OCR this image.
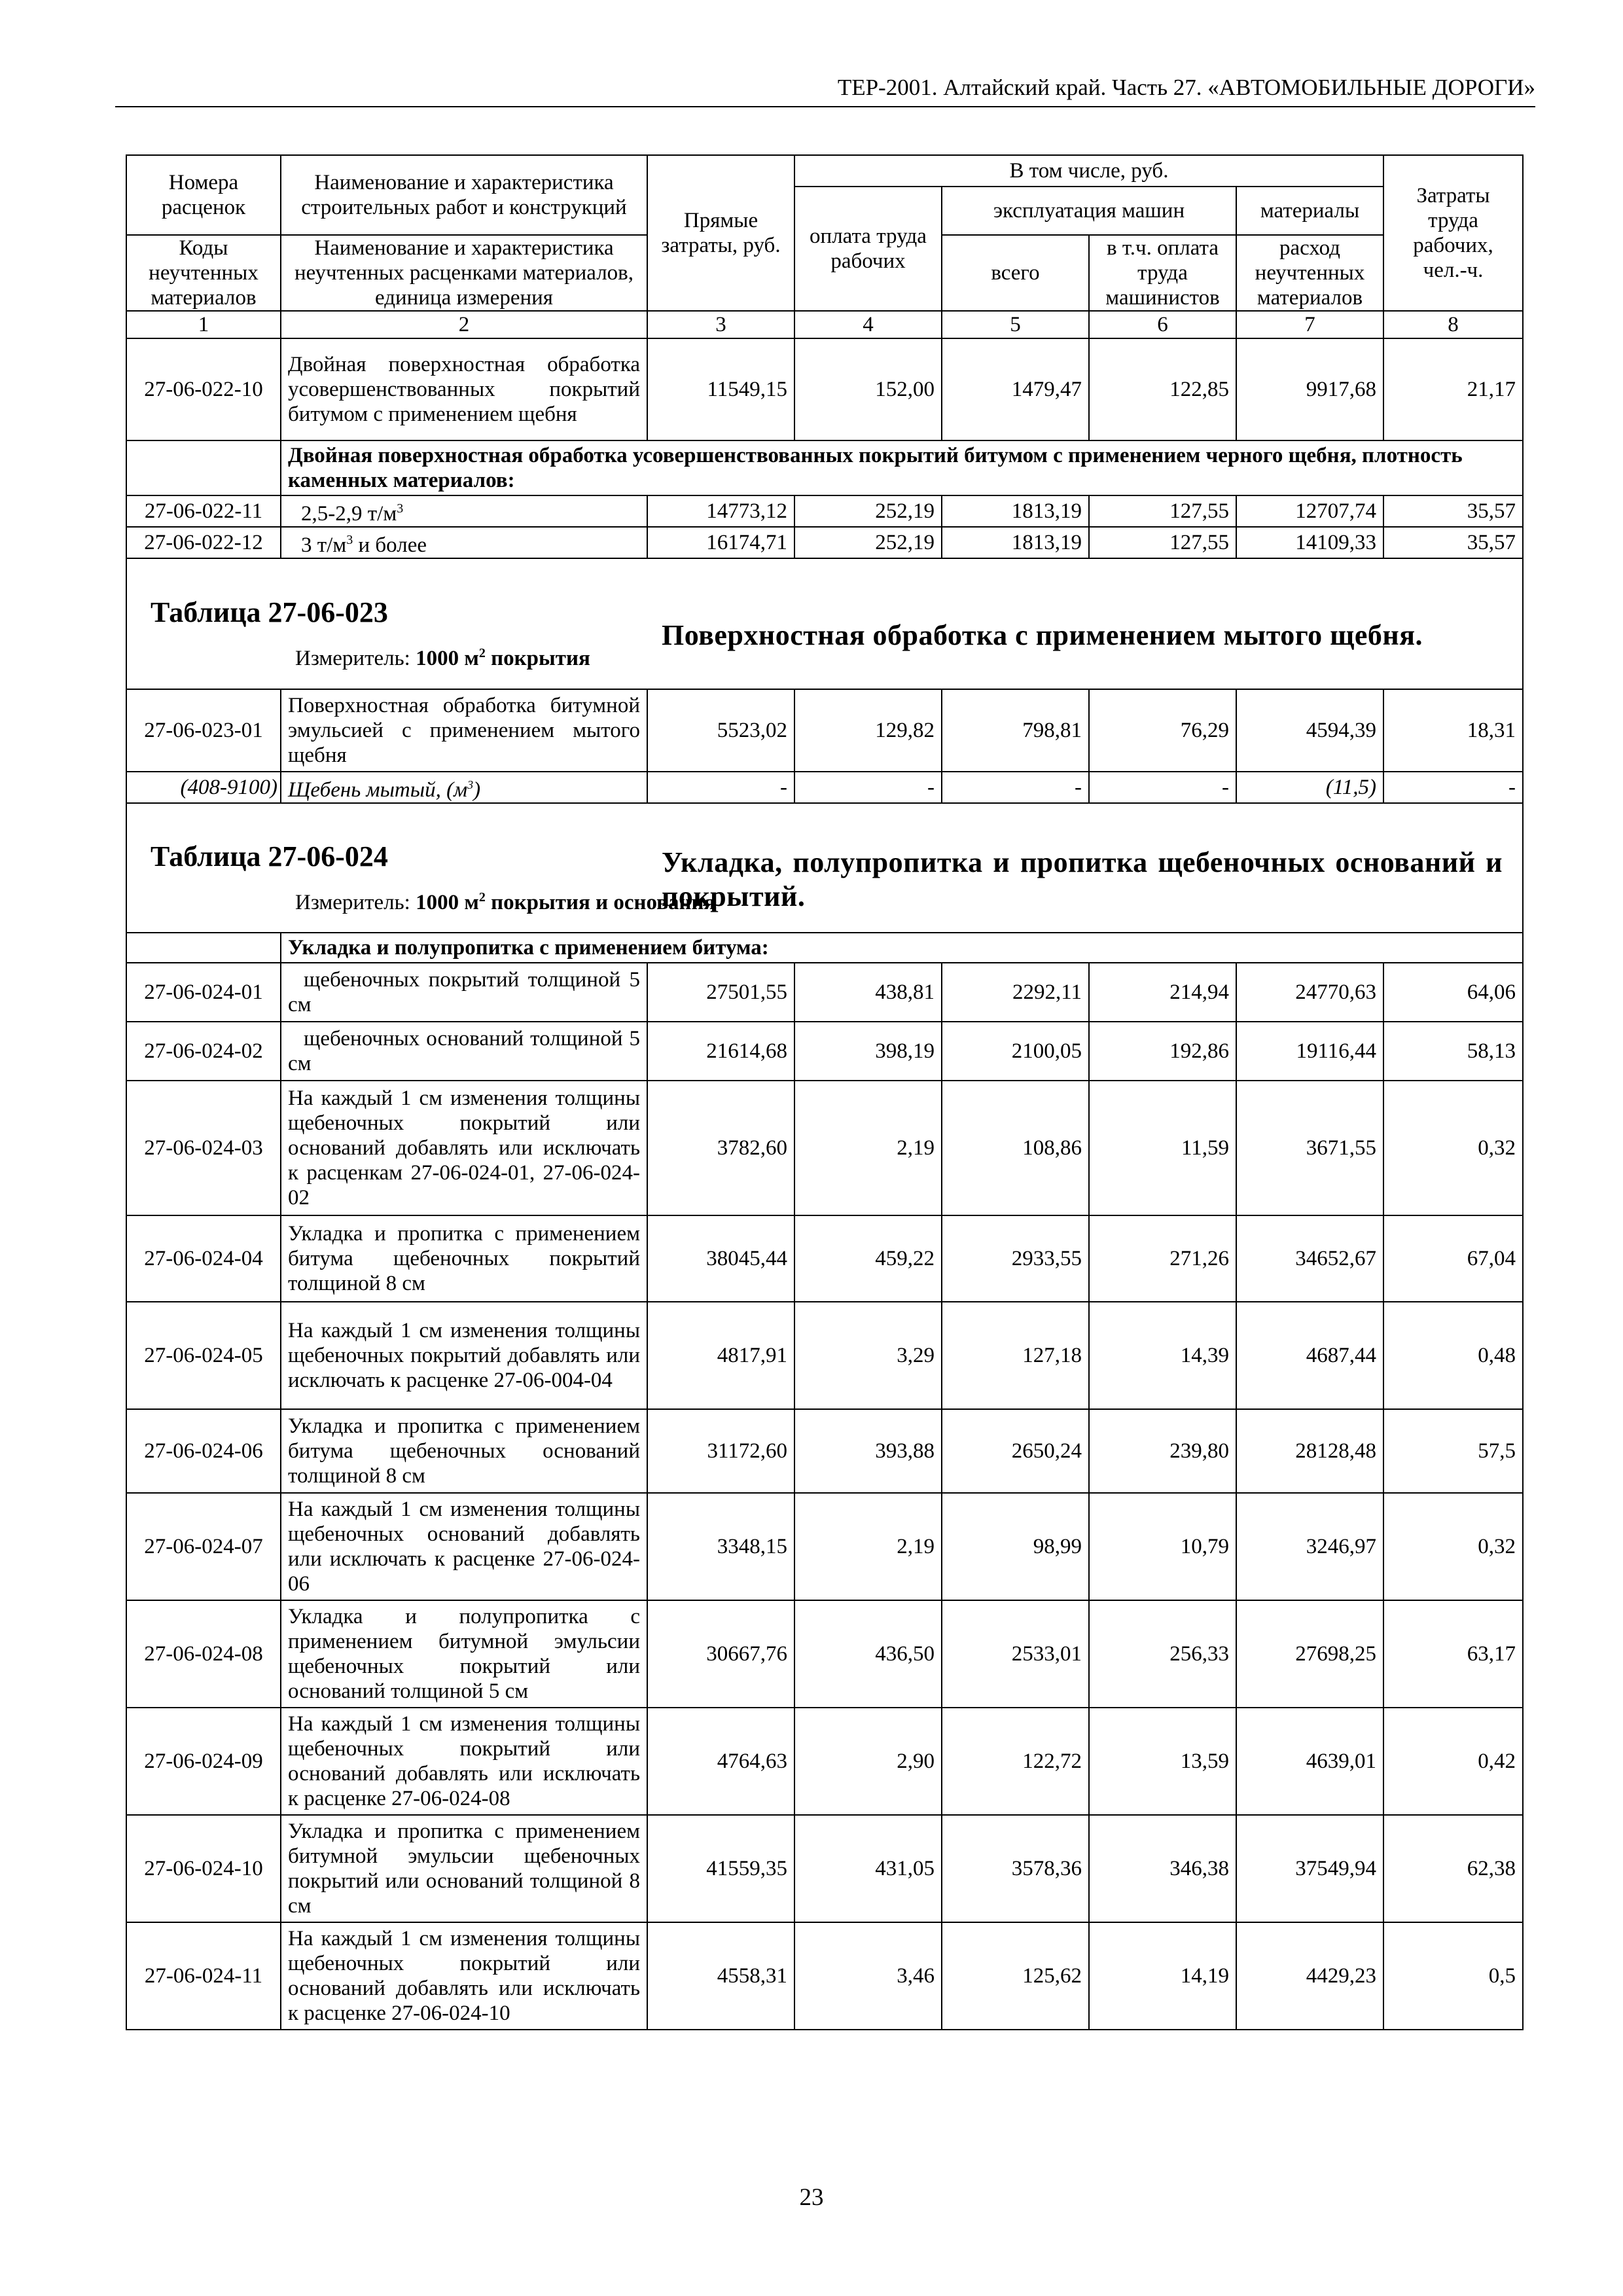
ТЕР-2001. Алтайский край. Часть 27. «АВТОМОБИЛЬНЫЕ ДОРОГИ»
Номера расценок	Наименование и характеристика строительных работ и конструкций	Прямые затраты, руб.	В том числе, руб.				Затраты труда рабочих, чел.-ч.
			оплата труда рабочих	эксплуатация машин		материалы	
Коды неучтенных материалов	Наименование и характеристика неучтенных расценками материалов, единица измерения			всего	в т.ч. оплата труда машинистов	расход неучтенных материалов	
1	2	3	4	5	6	7	8
27-06-022-10	Двойная поверхностная обработка усовершенствованных покрытий битумом с применением щебня	11549,15	152,00	1479,47	122,85	9917,68	21,17
	Двойная поверхностная обработка усовершенствованных покрытий битумом с применением черного щебня, плотность каменных материалов:						
27-06-022-11	2,5-2,9 $т/м^3$	14773,12	252,19	1813,19	127,55	12707,74	35,57
27-06-022-12	3 $т/м^3$ и более	16174,71	252,19	1813,19	127,55	14109,33	35,57

Таблица 27-06-023
Измеритель: 1000 $м^2$ покрытия		Поверхностная обработка с применением мытого щебня.					

27-06-023-01	Поверхностная обработка битумной эмульсией с применением мытого щебня	5523,02	129,82	798,81	76,29	4594,39	18,31
(408-9100)	Щебень мытый, $(м^3)$	-	-	-	-	(11,5)	-

Таблица 27-06-024
Измеритель: 1000 $м^2$ покрытия и основания		Укладка, полупропитка и пропитка щебеночных оснований и покрытий.					

	Укладка и полупропитка с применением битума:						
27-06-024-01	щебеночных покрытий толщиной 5 см	27501,55	438,81	2292,11	214,94	24770,63	64,06
27-06-024-02	щебеночных оснований толщиной 5 см	21614,68	398,19	2100,05	192,86	19116,44	58,13
27-06-024-03	На каждый 1 см изменения толщины щебеночных покрытий или оснований добавлять или исключать к расценкам 27-06-024-01, 27-06-024-02	3782,60	2,19	108,86	11,59	3671,55	0,32
27-06-024-04	Укладка и пропитка с применением битума щебеночных покрытий толщиной 8 см	38045,44	459,22	2933,55	271,26	34652,67	67,04
27-06-024-05	На каждый 1 см изменения толщины щебеночных покрытий добавлять или исключать к расценке 27-06-004-04	4817,91	3,29	127,18	14,39	4687,44	0,48
27-06-024-06	Укладка и пропитка с применением битума щебеночных оснований толщиной 8 см	31172,60	393,88	2650,24	239,80	28128,48	57,5
27-06-024-07	На каждый 1 см изменения толщины щебеночных оснований добавлять или исключать к расценке 27-06-024-06	3348,15	2,19	98,99	10,79	3246,97	0,32
27-06-024-08	Укладка и полупропитка с применением битумной эмульсии щебеночных покрытий или оснований толщиной 5 см	30667,76	436,50	2533,01	256,33	27698,25	63,17
27-06-024-09	На каждый 1 см изменения толщины щебеночных покрытий или оснований добавлять или исключать к расценке 27-06-024-08	4764,63	2,90	122,72	13,59	4639,01	0,42
27-06-024-10	Укладка и пропитка с применением битумной эмульсии щебеночных покрытий или оснований толщиной 8 см	41559,35	431,05	3578,36	346,38	37549,94	62,38
27-06-024-11	На каждый 1 см изменения толщины щебеночных покрытий или оснований добавлять или исключать к расценке 27-06-024-10	4558,31	3,46	125,62	14,19	4429,23	0,5
23
